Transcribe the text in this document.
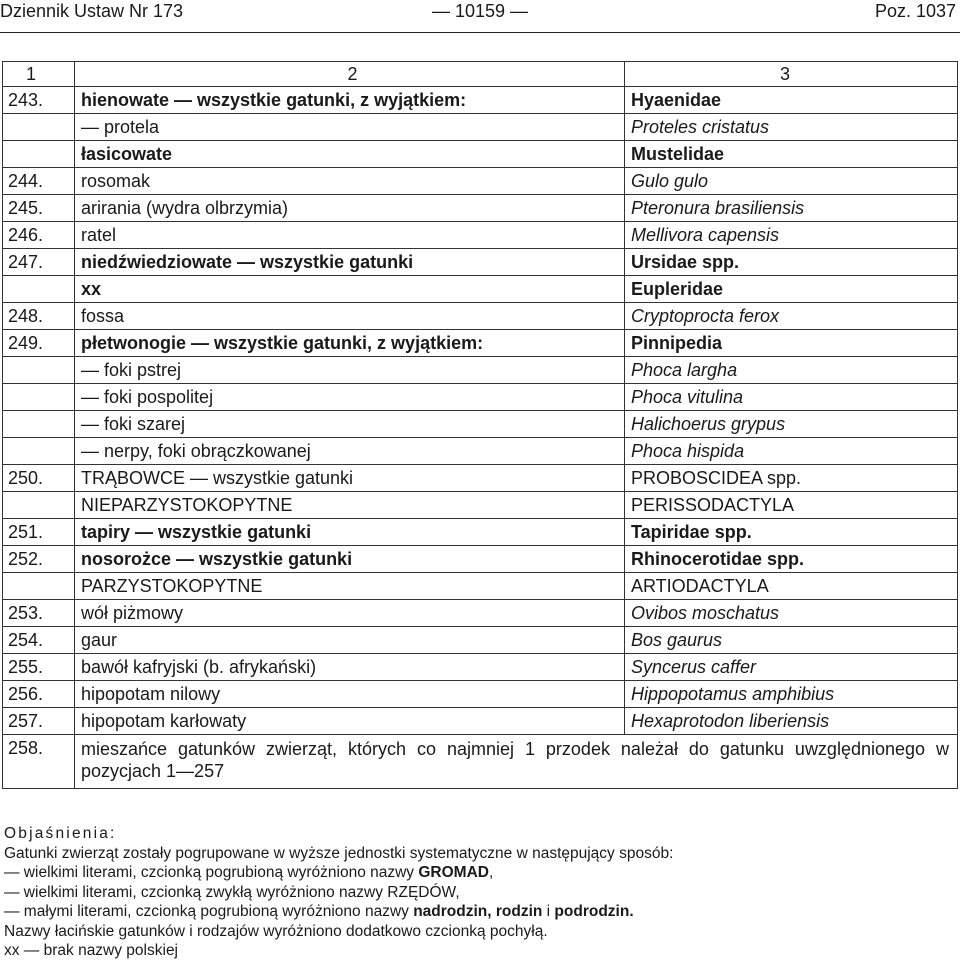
Dziennik Ustaw Nr 173	— 10159 —	Poz. 1037
1	2	3
243.	hienowate — wszystkie gatunki, z wyjątkiem:	Hyaenidae
	— protela	Proteles cristatus
	łasicowate	Mustelidae
244.	rosomak	Gulo gulo
245.	arirania (wydra olbrzymia)	Pteronura brasiliensis
246.	ratel	Mellivora capensis
247.	niedźwiedziowate — wszystkie gatunki	Ursidae spp.
	xx	Eupleridae
248.	fossa	Cryptoprocta ferox
249.	płetwonogie — wszystkie gatunki, z wyjątkiem:	Pinnipedia
	— foki pstrej	Phoca largha
	— foki pospolitej	Phoca vitulina
	— foki szarej	Halichoerus grypus
	— nerpy, foki obrączkowanej	Phoca hispida
250.	TRĄBOWCE — wszystkie gatunki	PROBOSCIDEA spp.
	NIEPARZYSTOKOPYTNE	PERISSODACTYLA
251.	tapiry — wszystkie gatunki	Tapiridae spp.
252.	nosorożce — wszystkie gatunki	Rhinocerotidae spp.
	PARZYSTOKOPYTNE	ARTIODACTYLA
253.	wół piżmowy	Ovibos moschatus
254.	gaur	Bos gaurus
255.	bawół kafryjski (b. afrykański)	Syncerus caffer
256.	hipopotam nilowy	Hippopotamus amphibius
257.	hipopotam karłowaty	Hexaprotodon liberiensis
258.	mieszańce gatunków zwierząt, których co najmniej 1 przodek należał do gatunku uwzględnionego w pozycjach 1—257	
Objaśnienia:
Gatunki zwierząt zostały pogrupowane w wyższe jednostki systematyczne w następujący sposób:
— wielkimi literami, czcionką pogrubioną wyróżniono nazwy GROMAD,
— wielkimi literami, czcionką zwykłą wyróżniono nazwy RZĘDÓW,
— małymi literami, czcionką pogrubioną wyróżniono nazwy nadrodzin, rodzin i podrodzin.
Nazwy łacińskie gatunków i rodzajów wyróżniono dodatkowo czcionką pochyłą.
xx — brak nazwy polskiej
